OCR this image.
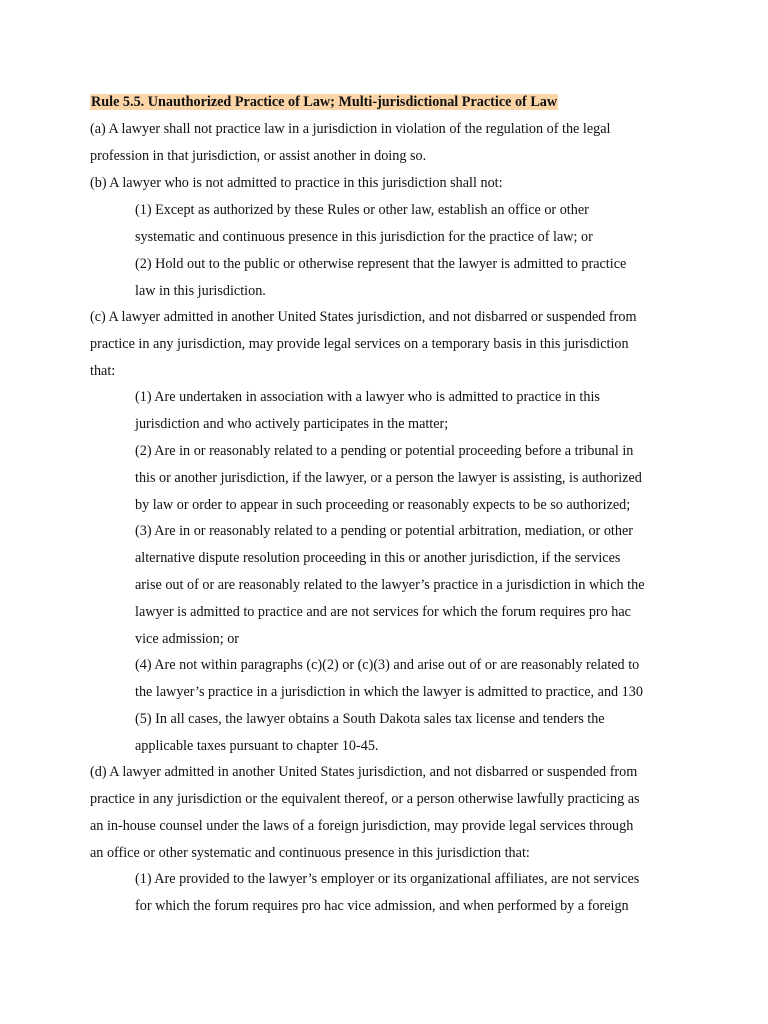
Rule 5.5. Unauthorized Practice of Law; Multi-jurisdictional Practice of Law
(a) A lawyer shall not practice law in a jurisdiction in violation of the regulation of the legal
profession in that jurisdiction, or assist another in doing so.
(b) A lawyer who is not admitted to practice in this jurisdiction shall not:
(1) Except as authorized by these Rules or other law, establish an office or other
systematic and continuous presence in this jurisdiction for the practice of law; or
(2) Hold out to the public or otherwise represent that the lawyer is admitted to practice
law in this jurisdiction.
(c) A lawyer admitted in another United States jurisdiction, and not disbarred or suspended from
practice in any jurisdiction, may provide legal services on a temporary basis in this jurisdiction
that:
(1) Are undertaken in association with a lawyer who is admitted to practice in this
jurisdiction and who actively participates in the matter;
(2) Are in or reasonably related to a pending or potential proceeding before a tribunal in
this or another jurisdiction, if the lawyer, or a person the lawyer is assisting, is authorized
by law or order to appear in such proceeding or reasonably expects to be so authorized;
(3) Are in or reasonably related to a pending or potential arbitration, mediation, or other
alternative dispute resolution proceeding in this or another jurisdiction, if the services
arise out of or are reasonably related to the lawyer’s practice in a jurisdiction in which the
lawyer is admitted to practice and are not services for which the forum requires pro hac
vice admission; or
(4) Are not within paragraphs (c)(2) or (c)(3) and arise out of or are reasonably related to
the lawyer’s practice in a jurisdiction in which the lawyer is admitted to practice, and 130
(5) In all cases, the lawyer obtains a South Dakota sales tax license and tenders the
applicable taxes pursuant to chapter 10-45.
(d) A lawyer admitted in another United States jurisdiction, and not disbarred or suspended from
practice in any jurisdiction or the equivalent thereof, or a person otherwise lawfully practicing as
an in-house counsel under the laws of a foreign jurisdiction, may provide legal services through
an office or other systematic and continuous presence in this jurisdiction that:
(1) Are provided to the lawyer’s employer or its organizational affiliates, are not services
for which the forum requires pro hac vice admission, and when performed by a foreign
